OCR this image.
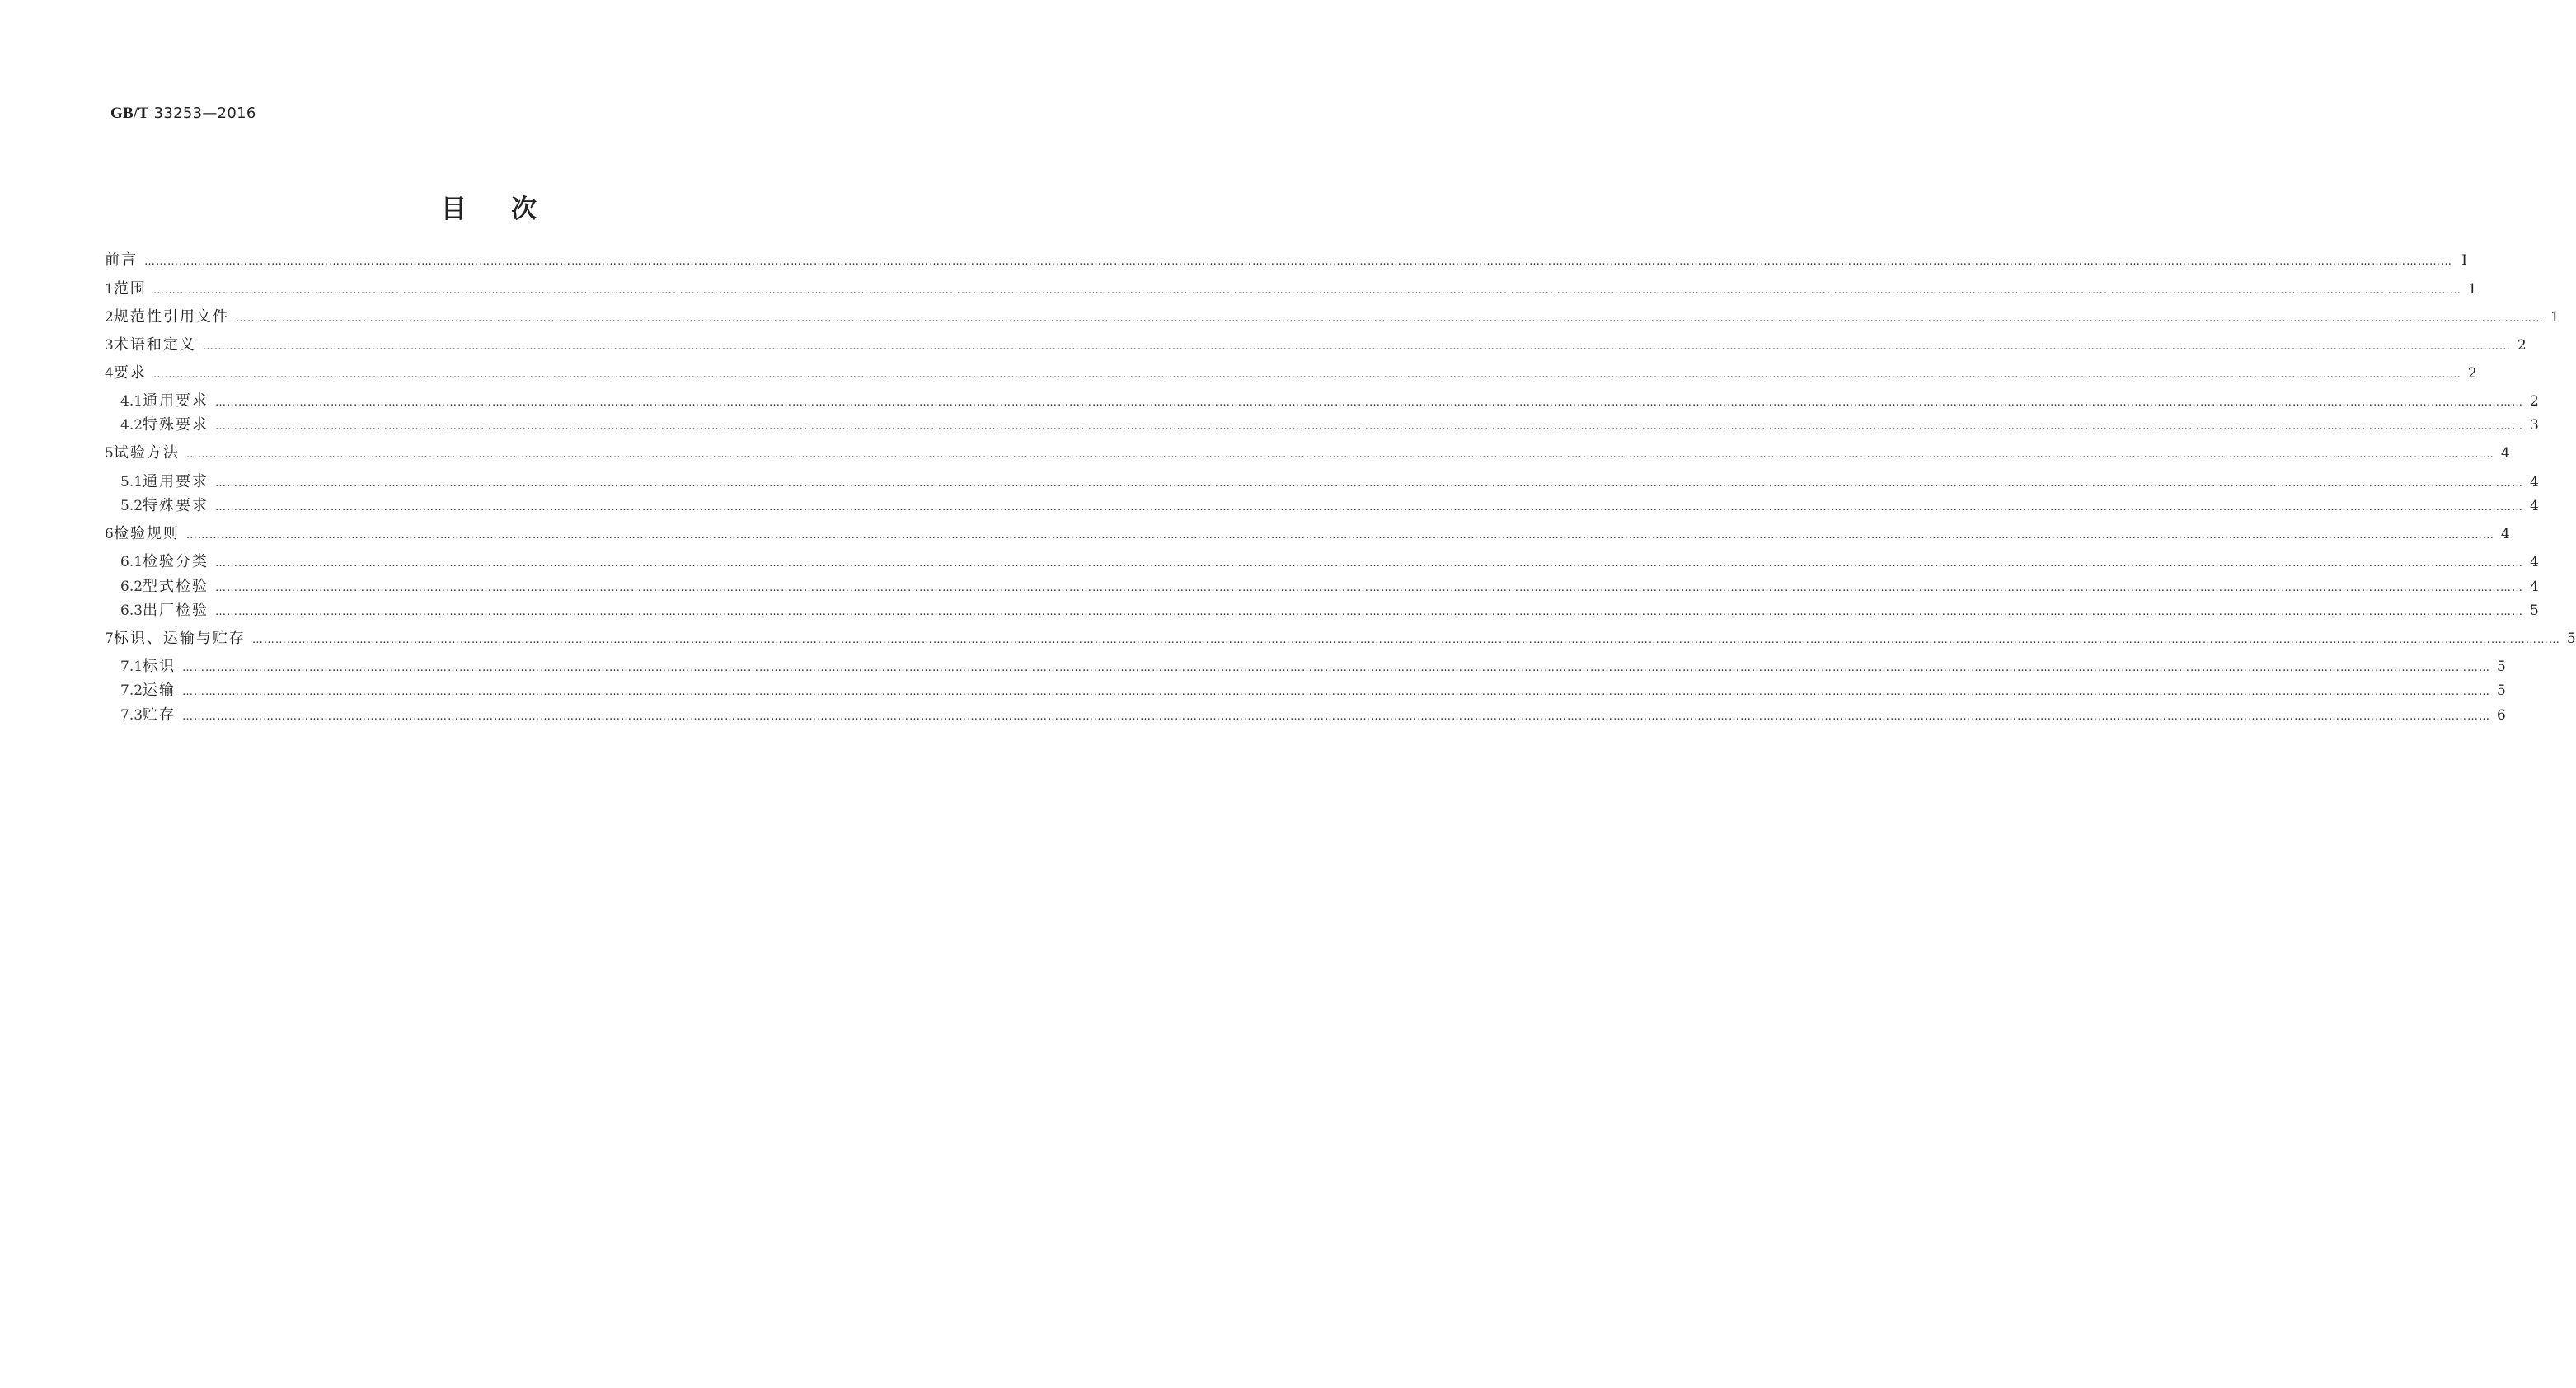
GB/T 33253—2016
目次
前言 …………………………………………………………………………………………………………………………………………………………………………………………………………………………………………………………………………………………………………………………………………………………………………………………………………………………………………………………………………………………………………………………………………………… Ⅰ
1 范围 …………………………………………………………………………………………………………………………………………………………………………………………………………………………………………………………………………………………………………………………………………………………………………………………………………………………………………………………………………………………………………………………………………………… 1
2 规范性引用文件 …………………………………………………………………………………………………………………………………………………………………………………………………………………………………………………………………………………………………………………………………………………………………………………………………………………………………………………………………………………………………………………………………………………… 1
3 术语和定义 …………………………………………………………………………………………………………………………………………………………………………………………………………………………………………………………………………………………………………………………………………………………………………………………………………………………………………………………………………………………………………………………………………………… 2
4 要求 …………………………………………………………………………………………………………………………………………………………………………………………………………………………………………………………………………………………………………………………………………………………………………………………………………………………………………………………………………………………………………………………………………………… 2
4.1 通用要求 …………………………………………………………………………………………………………………………………………………………………………………………………………………………………………………………………………………………………………………………………………………………………………………………………………………………………………………………………………………………………………………………………………………… 2
4.2 特殊要求 …………………………………………………………………………………………………………………………………………………………………………………………………………………………………………………………………………………………………………………………………………………………………………………………………………………………………………………………………………………………………………………………………………………… 3
5 试验方法 …………………………………………………………………………………………………………………………………………………………………………………………………………………………………………………………………………………………………………………………………………………………………………………………………………………………………………………………………………………………………………………………………………………… 4
5.1 通用要求 …………………………………………………………………………………………………………………………………………………………………………………………………………………………………………………………………………………………………………………………………………………………………………………………………………………………………………………………………………………………………………………………………………………… 4
5.2 特殊要求 …………………………………………………………………………………………………………………………………………………………………………………………………………………………………………………………………………………………………………………………………………………………………………………………………………………………………………………………………………………………………………………………………………………… 4
6 检验规则 …………………………………………………………………………………………………………………………………………………………………………………………………………………………………………………………………………………………………………………………………………………………………………………………………………………………………………………………………………………………………………………………………………………… 4
6.1 检验分类 …………………………………………………………………………………………………………………………………………………………………………………………………………………………………………………………………………………………………………………………………………………………………………………………………………………………………………………………………………………………………………………………………………………… 4
6.2 型式检验 …………………………………………………………………………………………………………………………………………………………………………………………………………………………………………………………………………………………………………………………………………………………………………………………………………………………………………………………………………………………………………………………………………………… 4
6.3 出厂检验 …………………………………………………………………………………………………………………………………………………………………………………………………………………………………………………………………………………………………………………………………………………………………………………………………………………………………………………………………………………………………………………………………………………… 5
7 标识、运输与贮存 …………………………………………………………………………………………………………………………………………………………………………………………………………………………………………………………………………………………………………………………………………………………………………………………………………………………………………………………………………………………………………………………………………………… 5
7.1 标识 …………………………………………………………………………………………………………………………………………………………………………………………………………………………………………………………………………………………………………………………………………………………………………………………………………………………………………………………………………………………………………………………………………………… 5
7.2 运输 …………………………………………………………………………………………………………………………………………………………………………………………………………………………………………………………………………………………………………………………………………………………………………………………………………………………………………………………………………………………………………………………………………………… 5
7.3 贮存 …………………………………………………………………………………………………………………………………………………………………………………………………………………………………………………………………………………………………………………………………………………………………………………………………………………………………………………………………………………………………………………………………………………… 6
